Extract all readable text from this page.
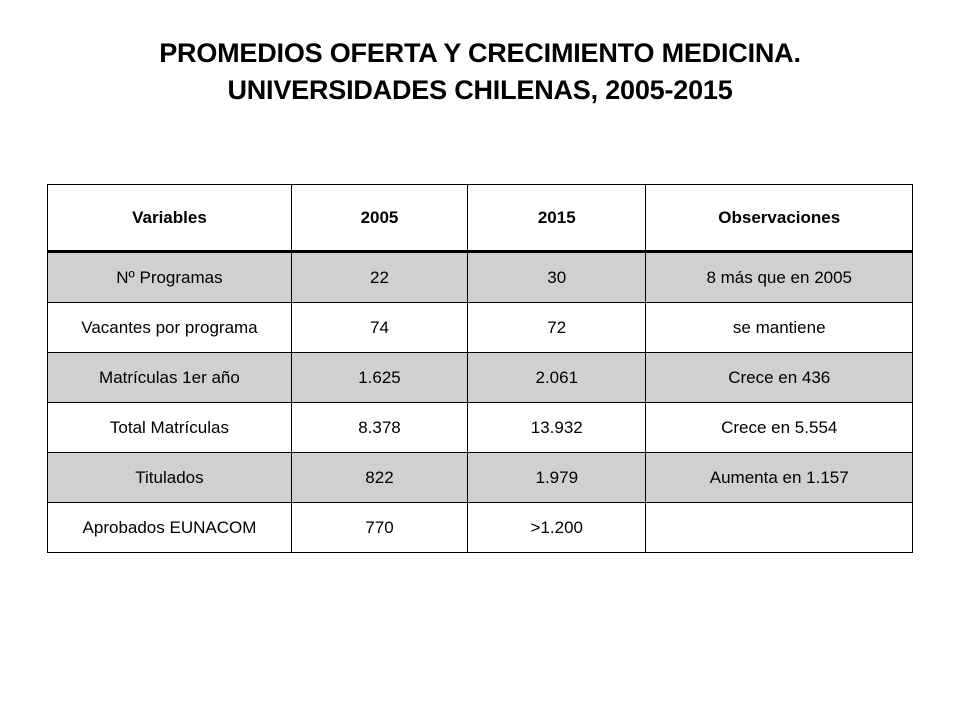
PROMEDIOS OFERTA Y CRECIMIENTO MEDICINA.
UNIVERSIDADES CHILENAS, 2005-2015
Variables	2005	2015	Observaciones
Nº Programas	22	30	8 más que en 2005
Vacantes por programa	74	72	se mantiene
Matrículas 1er año	1.625	2.061	Crece en 436
Total Matrículas	8.378	13.932	Crece en 5.554
Titulados	822	1.979	Aumenta en 1.157
Aprobados EUNACOM	770	>1.200	
